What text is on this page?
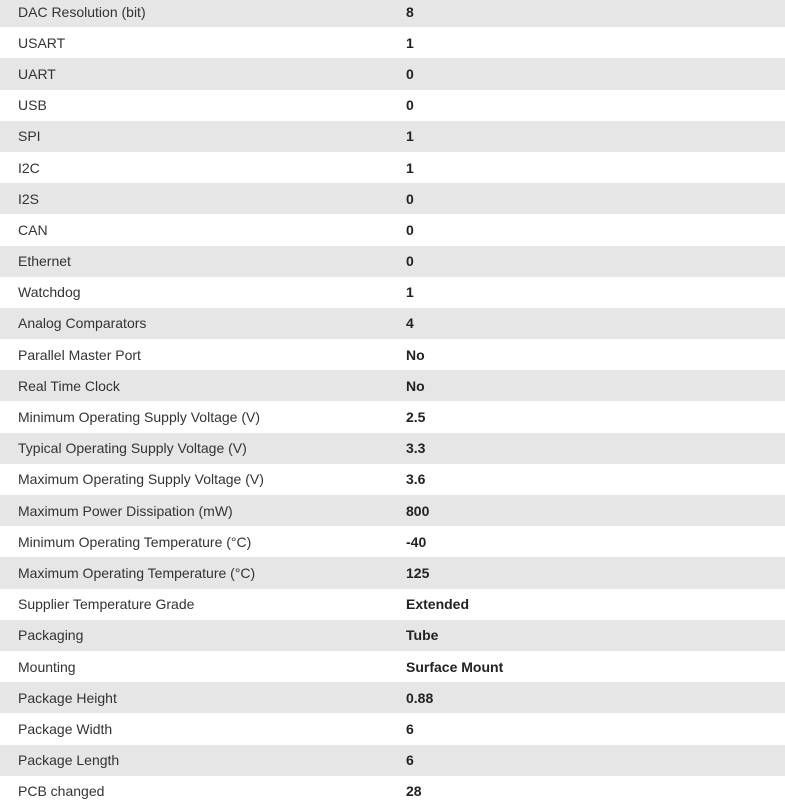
DAC Resolution (bit)	8
USART	1
UART	0
USB	0
SPI	1
I2C	1
I2S	0
CAN	0
Ethernet	0
Watchdog	1
Analog Comparators	4
Parallel Master Port	No
Real Time Clock	No
Minimum Operating Supply Voltage (V)	2.5
Typical Operating Supply Voltage (V)	3.3
Maximum Operating Supply Voltage (V)	3.6
Maximum Power Dissipation (mW)	800
Minimum Operating Temperature (°C)	-40
Maximum Operating Temperature (°C)	125
Supplier Temperature Grade	Extended
Packaging	Tube
Mounting	Surface Mount
Package Height	0.88
Package Width	6
Package Length	6
PCB changed	28
